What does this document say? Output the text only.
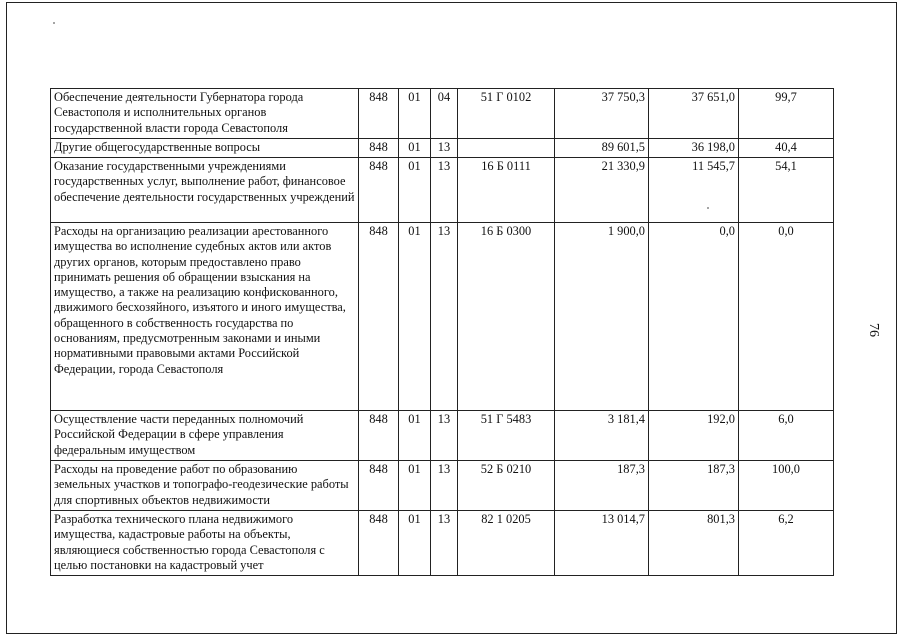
Обеспечение деятельности Губернатора города Севастополя и исполнительных органов государственной власти города Севастополя	848	01	04	51 Г 0102	37 750,3	37 651,0	99,7
Другие общегосударственные вопросы	848	01	13		89 601,5	36 198,0	40,4
Оказание государственными учреждениями государственных услуг, выполнение работ, финансовое обеспечение деятельности государственных учреждений	848	01	13	16 Б 0111	21 330,9	11 545,7	54,1
Расходы на организацию реализации арестованного имущества во исполнение судебных актов или актов других органов, которым предоставлено право принимать решения об обращении взыскания на имущество, а также на реализацию конфискованного, движимого бесхозяйного, изъятого и иного имущества, обращенного в собственность государства по основаниям, предусмотренным законами и иными нормативными правовыми актами Российской Федерации, города Севастополя	848	01	13	16 Б 0300	1 900,0	0,0	0,0
Осуществление части переданных полномочий Российской Федерации в сфере управления федеральным имуществом	848	01	13	51 Г 5483	3 181,4	192,0	6,0
Расходы на проведение работ по образованию земельных участков и топографо-геодезические работы для спортивных объектов недвижимости	848	01	13	52 Б 0210	187,3	187,3	100,0
Разработка технического плана недвижимого имущества, кадастровые работы на объекты, являющиеся собственностью города Севастополя с целью постановки на кадастровый учет	848	01	13	82 1 0205	13 014,7	801,3	6,2
76
